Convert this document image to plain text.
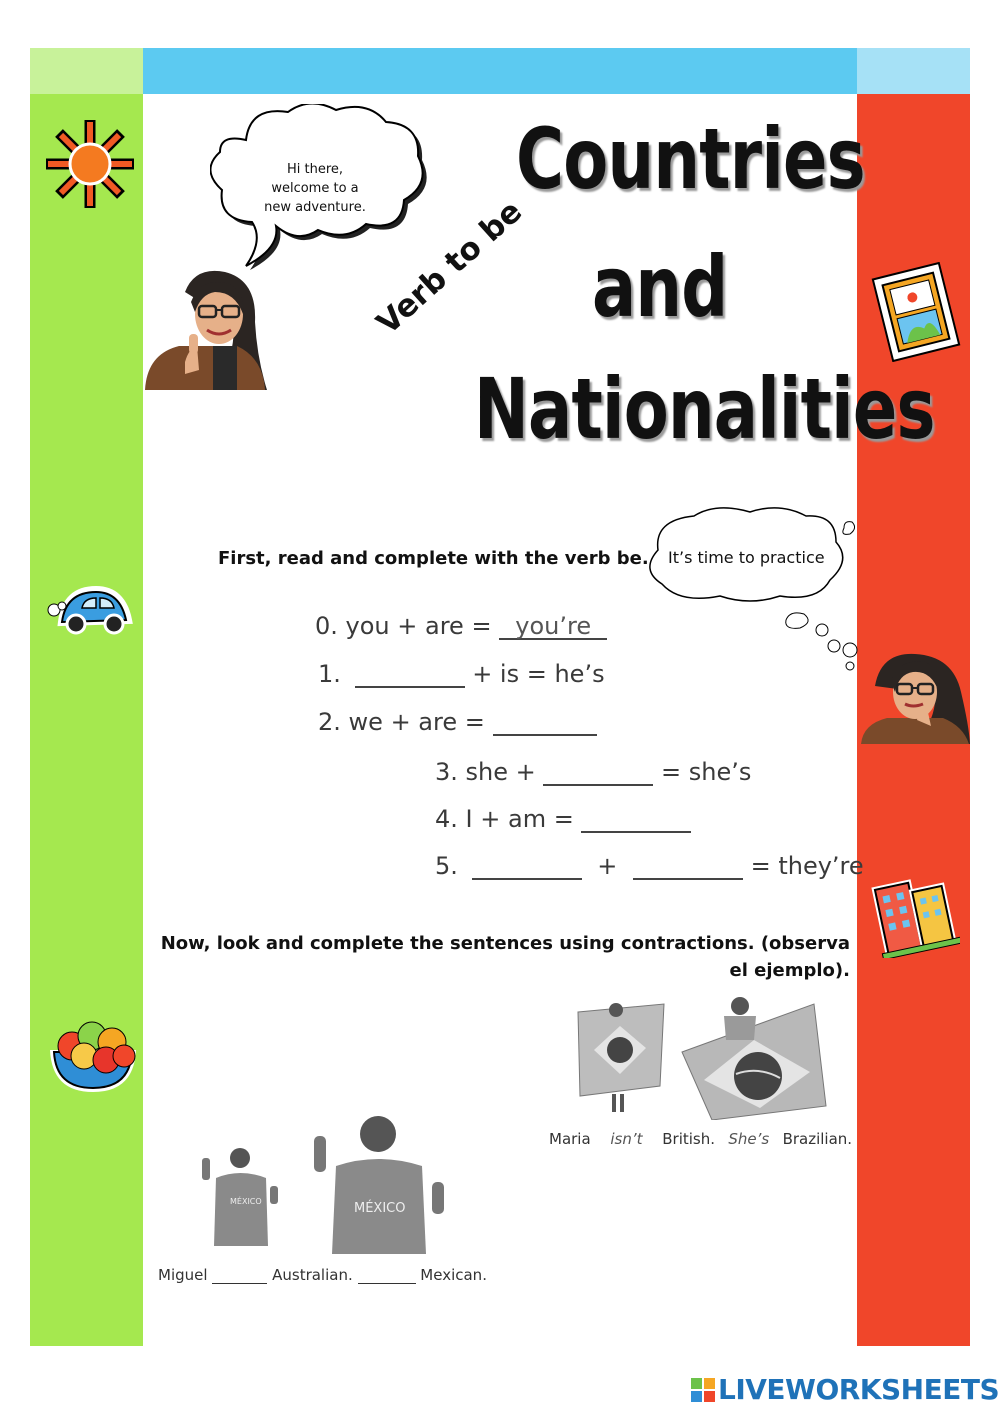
Hi there,
welcome to a
new adventure. Countries
and
Nationalities
Verb to be
It’s time to practice
First, read and complete with the verb be.
0. you + are = you’re
1.	+ is = he’s
2. we + are =
3. she +	= she’s
4. I + am =
5.	+	= they’re
Now, look and complete the sentences using contractions. (observa el ejemplo).
Maria isn’t British. She’s Brazilian.
MÉXICO	MÉXICO
Miguel	Australian.	Mexican.
LIVEWORKSHEETS
